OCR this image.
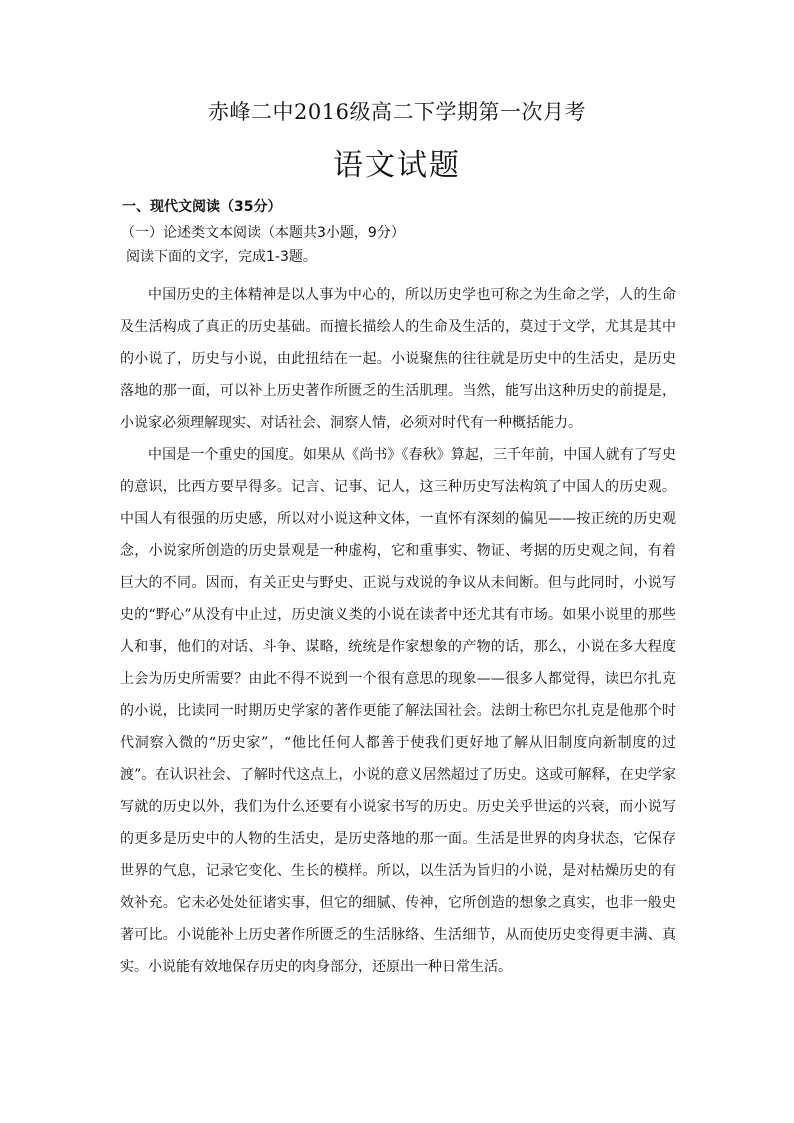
赤峰二中2016级高二下学期第一次月考
语文试题
一、现代文阅读（35分）
（一）论述类文本阅读（本题共3小题，9分）
阅读下面的文字，完成1-3题。

中国历史的主体精神是以人事为中心的，所以历史学也可称之为生命之学，人的生命及生活构成了真正的历史基础。而擅长描绘人的生命及生活的，莫过于文学，尤其是其中的小说了，历史与小说，由此扭结在一起。小说聚焦的往往就是历史中的生活史，是历史落地的那一面，可以补上历史著作所匮乏的生活肌理。当然，能写出这种历史的前提是，小说家必须理解现实、对话社会、洞察人情，必须对时代有一种概括能力。

中国是一个重史的国度。如果从《尚书》《春秋》算起，三千年前，中国人就有了写史的意识，比西方要早得多。记言、记事、记人，这三种历史写法构筑了中国人的历史观。中国人有很强的历史感，所以对小说这种文体，一直怀有深刻的偏见——按正统的历史观念，小说家所创造的历史景观是一种虚构，它和重事实、物证、考据的历史观之间，有着巨大的不同。因而，有关正史与野史、正说与戏说的争议从未间断。但与此同时，小说写史的“野心”从没有中止过，历史演义类的小说在读者中还尤其有市场。如果小说里的那些人和事，他们的对话、斗争、谋略，统统是作家想象的产物的话，那么，小说在多大程度上会为历史所需要？由此不得不说到一个很有意思的现象——很多人都觉得，读巴尔扎克的小说，比读同一时期历史学家的著作更能了解法国社会。法朗士称巴尔扎克是他那个时代洞察入微的“历史家”，“他比任何人都善于使我们更好地了解从旧制度向新制度的过渡”。在认识社会、了解时代这点上，小说的意义居然超过了历史。这或可解释，在史学家写就的历史以外，我们为什么还要有小说家书写的历史。历史关乎世运的兴衰，而小说写的更多是历史中的人物的生活史，是历史落地的那一面。生活是世界的肉身状态，它保存世界的气息，记录它变化、生长的模样。所以，以生活为旨归的小说，是对枯燥历史的有效补充。它未必处处征诸实事，但它的细腻、传神，它所创造的想象之真实，也非一般史著可比。小说能补上历史著作所匮乏的生活脉络、生活细节，从而使历史变得更丰满、真实。小说能有效地保存历史的肉身部分，还原出一种日常生活。
